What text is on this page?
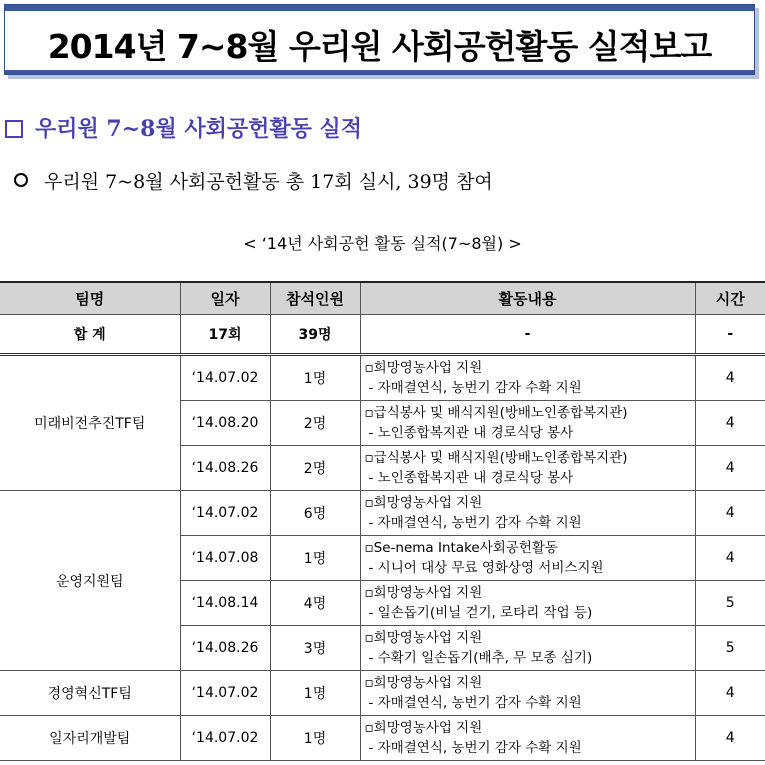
2014년 7~8월 우리원 사회공헌활동 실적보고
우리원 7~8월 사회공헌활동 실적
우리원 7~8월 사회공헌활동 총 17회 실시, 39명 참여
< ‘14년 사회공헌 활동 실적(7~8월) >
팀명	일자	참석인원	활동내용	시간
합 계	17회	39명	-	-
미래비전추진TF팀	‘14.07.02	1명	▫희망영농사업 지원
- 자매결연식, 농번기 감자 수확 지원	4
	‘14.08.20	2명	▫급식봉사 및 배식지원(방배노인종합복지관)
- 노인종합복지관 내 경로식당 봉사	4
	‘14.08.26	2명	▫급식봉사 및 배식지원(방배노인종합복지관)
- 노인종합복지관 내 경로식당 봉사	4
운영지원팀	‘14.07.02	6명	▫희망영농사업 지원
- 자매결연식, 농번기 감자 수확 지원	4
	‘14.07.08	1명	▫Se-nema Intake사회공헌활동
- 시니어 대상 무료 영화상영 서비스지원	4
	‘14.08.14	4명	▫희망영농사업 지원
- 일손돕기(비닐 걷기, 로타리 작업 등)	5
	‘14.08.26	3명	▫희망영농사업 지원
- 수확기 일손돕기(배추, 무 모종 심기)	5
경영혁신TF팀	‘14.07.02	1명	▫희망영농사업 지원
- 자매결연식, 농번기 감자 수확 지원	4
일자리개발팀	‘14.07.02	1명	▫희망영농사업 지원
- 자매결연식, 농번기 감자 수확 지원	4
